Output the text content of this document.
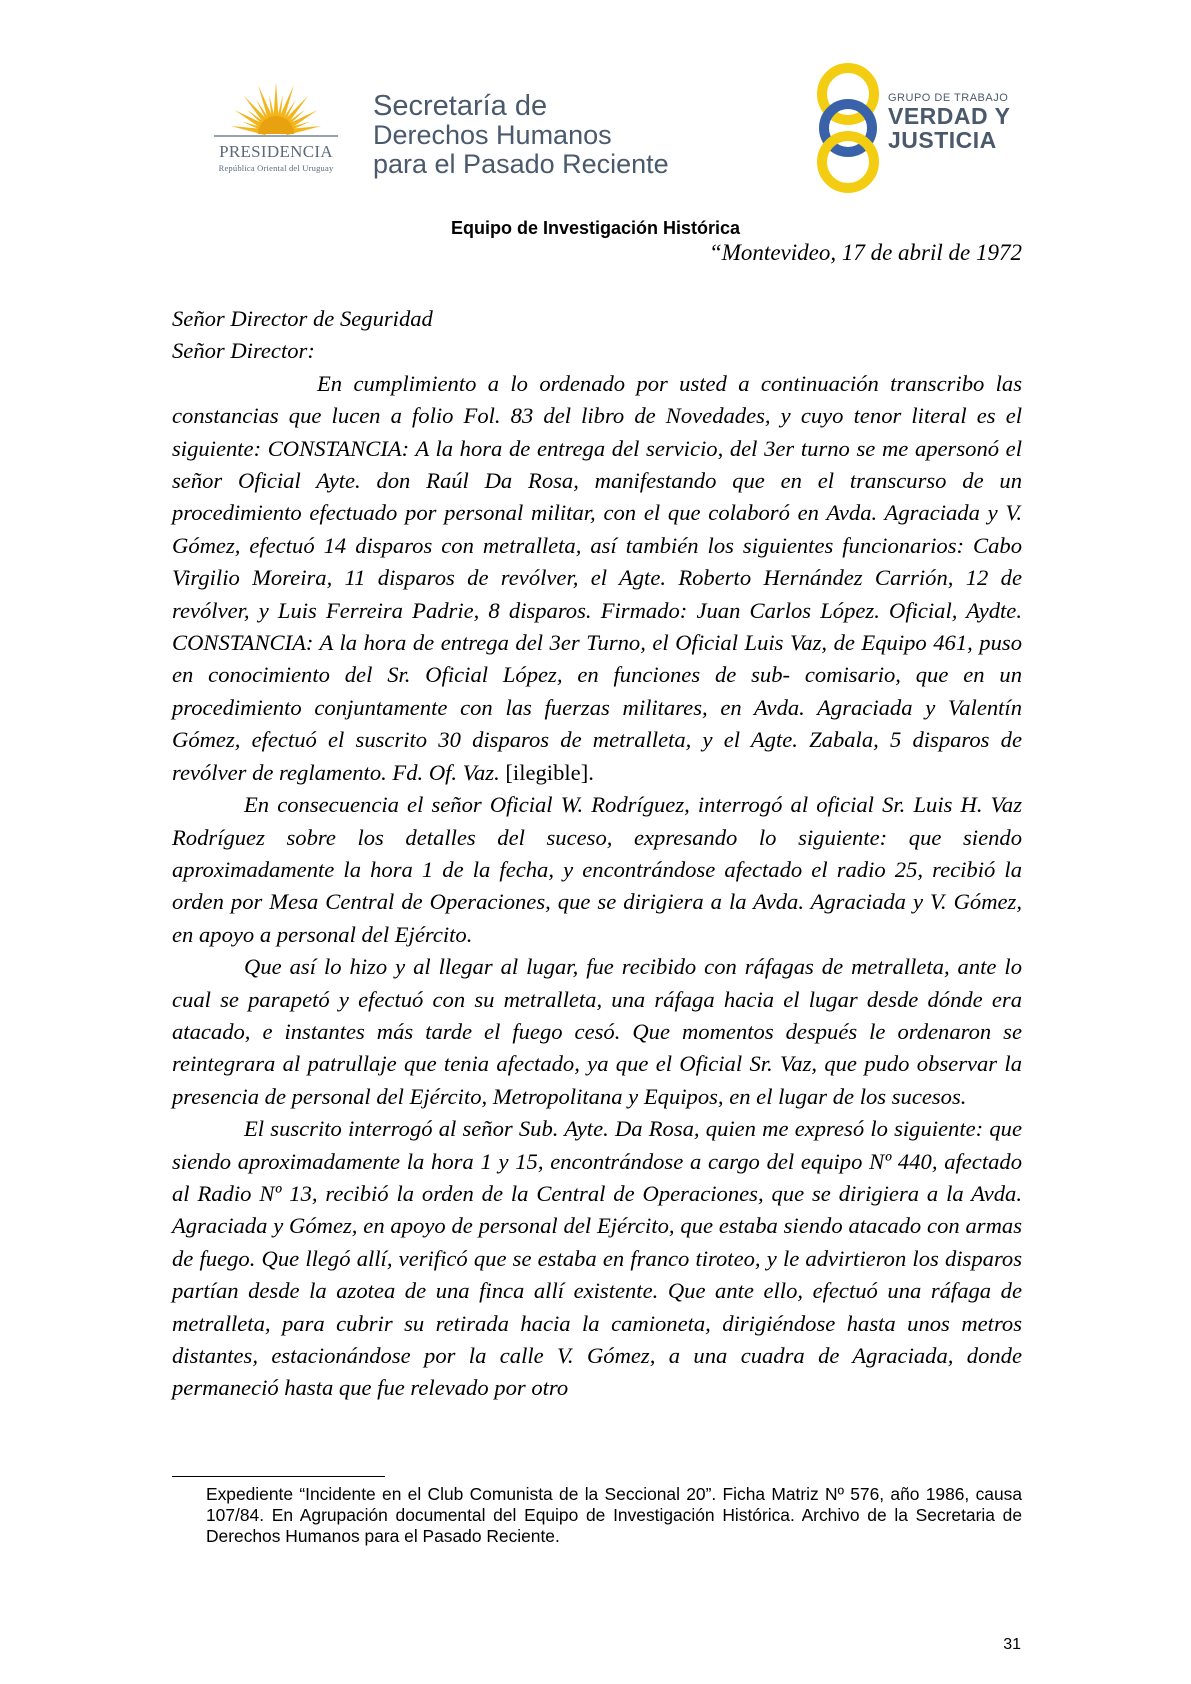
PRESIDENCIA
República Oriental del Uruguay
Secretaría de
Derechos Humanos
para el Pasado Reciente
GRUPO DE TRABAJO
VERDAD Y
JUSTICIA
Equipo de Investigación Histórica
“Montevideo, 17 de abril de 1972

Señor Director de Seguridad

Señor Director:

En cumplimiento a lo ordenado por usted a continuación transcribo las constancias que lucen a folio Fol. 83 del libro de Novedades, y cuyo tenor literal es el siguiente: CONSTANCIA: A la hora de entrega del servicio, del 3er turno se me apersonó el señor Oficial Ayte. don Raúl Da Rosa, manifestando que en el transcurso de un procedimiento efectuado por personal militar, con el que colaboró en Avda. Agraciada y V. Gómez, efectuó 14 disparos con metralleta, así también los siguientes funcionarios: Cabo Virgilio Moreira, 11 disparos de revólver, el Agte. Roberto Hernández Carrión, 12 de revólver, y Luis Ferreira Padrie, 8 disparos. Firmado: Juan Carlos López. Oficial, Aydte. CONSTANCIA: A la hora de entrega del 3er Turno, el Oficial Luis Vaz, de Equipo 461, puso en conocimiento del Sr. Oficial López, en funciones de sub- comisario, que en un procedimiento conjuntamente con las fuerzas militares, en Avda. Agraciada y Valentín Gómez, efectuó el suscrito 30 disparos de metralleta, y el Agte. Zabala, 5 disparos de revólver de reglamento. Fd. Of. Vaz. [ilegible].

En consecuencia el señor Oficial W. Rodríguez, interrogó al oficial Sr. Luis H. Vaz Rodríguez sobre los detalles del suceso, expresando lo siguiente: que siendo aproximadamente la hora 1 de la fecha, y encontrándose afectado el radio 25, recibió la orden por Mesa Central de Operaciones, que se dirigiera a la Avda. Agraciada y V. Gómez, en apoyo a personal del Ejército.

Que así lo hizo y al llegar al lugar, fue recibido con ráfagas de metralleta, ante lo cual se parapetó y efectuó con su metralleta, una ráfaga hacia el lugar desde dónde era atacado, e instantes más tarde el fuego cesó. Que momentos después le ordenaron se reintegrara al patrullaje que tenia afectado, ya que el Oficial Sr. Vaz, que pudo observar la presencia de personal del Ejército, Metropolitana y Equipos, en el lugar de los sucesos.

El suscrito interrogó al señor Sub. Ayte. Da Rosa, quien me expresó lo siguiente: que siendo aproximadamente la hora 1 y 15, encontrándose a cargo del equipo Nº 440, afectado al Radio Nº 13, recibió la orden de la Central de Operaciones, que se dirigiera a la Avda. Agraciada y Gómez, en apoyo de personal del Ejército, que estaba siendo atacado con armas de fuego. Que llegó allí, verificó que se estaba en franco tiroteo, y le advirtieron los disparos partían desde la azotea de una finca allí existente. Que ante ello, efectuó una ráfaga de metralleta, para cubrir su retirada hacia la camioneta, dirigiéndose hasta unos metros distantes, estacionándose por la calle V. Gómez, a una cuadra de Agraciada, donde permaneció hasta que fue relevado por otro

Expediente “Incidente en el Club Comunista de la Seccional 20”. Ficha Matriz Nº 576, año 1986, causa 107/84. En Agrupación documental del Equipo de Investigación Histórica. Archivo de la Secretaria de Derechos Humanos para el Pasado Reciente.
31
